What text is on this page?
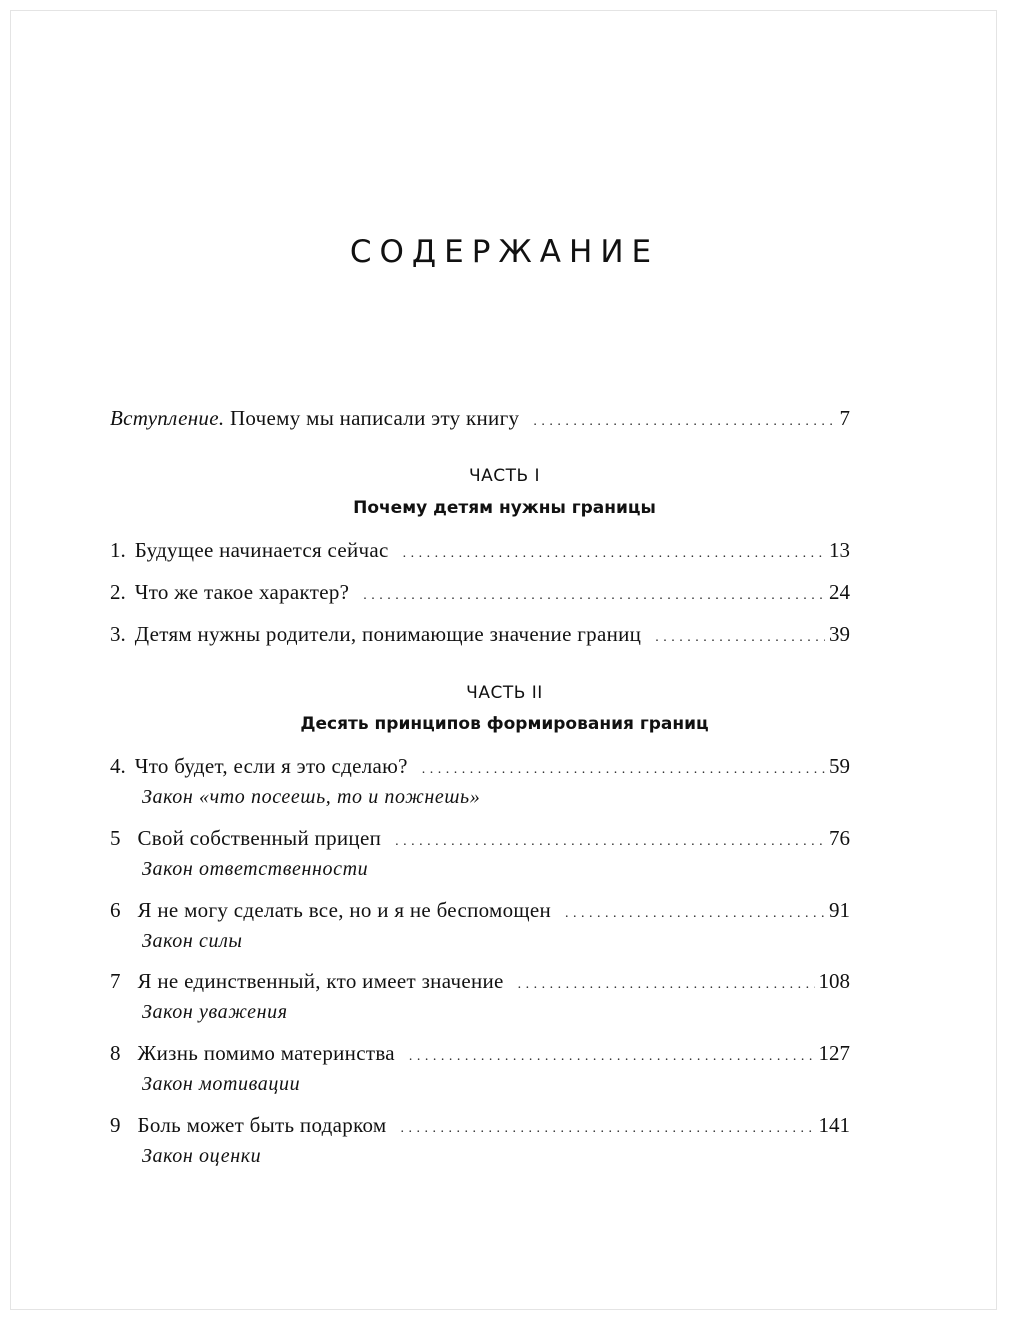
СОДЕРЖАНИЕ
Вступление. Почему мы написали эту книгу . . .	7
1. Будущее начинается сейчас . . .	13
2. Что же такое характер? . . .	24
3. Детям нужны родители, понимающие значение границ . . .	39
4. Что будет, если я это сделаю? . . .	59
Закон «что посеешь, то и пожнешь»
5 Свой собственный прицеп . . .	76
Закон ответственности
6 Я не могу сделать все, но и я не беспомощен . . .	91
Закон силы
7 Я не единственный, кто имеет значение . . .	108
Закон уважения
8 Жизнь помимо материнства . . .	127
Закон мотивации
9 Боль может быть подарком . . .	141
Закон оценки
ЧАСТЬ I
Почему детям нужны границы
ЧАСТЬ II
Десять принципов формирования границ
